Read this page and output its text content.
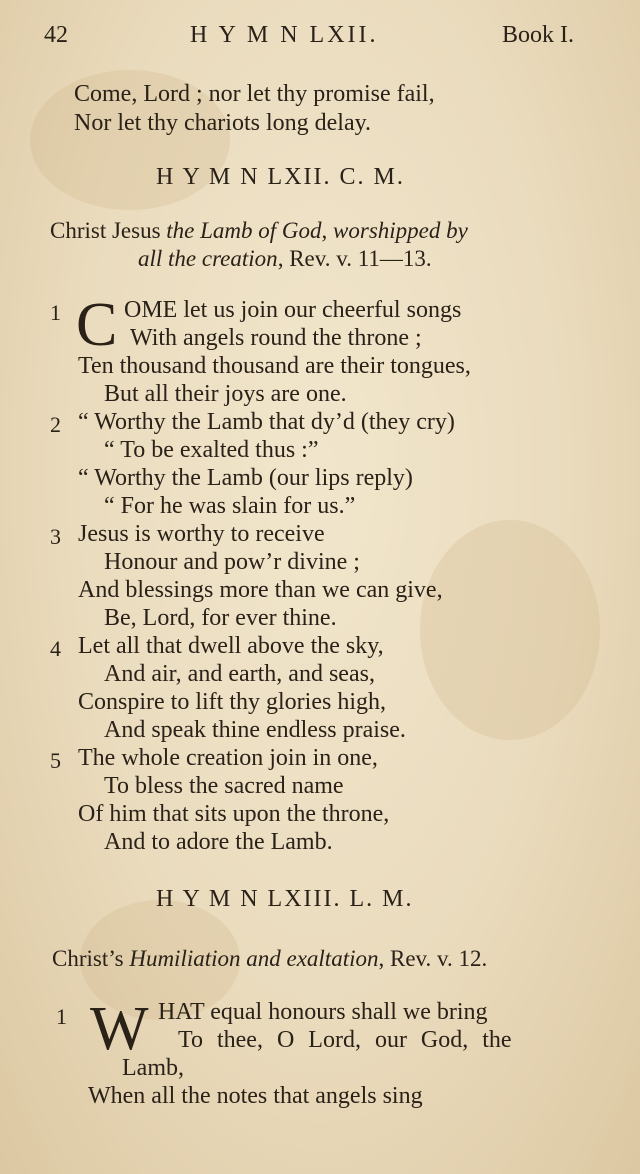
42	H Y M N LXII.	Book I.
Come, Lord ; nor let thy promise fail,
Nor let thy chariots long delay.
H Y M N LXII. C. M.
Christ Jesus the Lamb of God, worshipped by
all the creation, Rev. v. 11—13.
1 C OME let us join our cheerful songs
With angels round the throne ;
Ten thousand thousand are their tongues,
But all their joys are one.
2 “ Worthy the Lamb that dy’d (they cry)
“ To be exalted thus :”
“ Worthy the Lamb (our lips reply)
“ For he was slain for us.”
3 Jesus is worthy to receive
Honour and pow’r divine ;
And blessings more than we can give,
Be, Lord, for ever thine.
4 Let all that dwell above the sky,
And air, and earth, and seas,
Conspire to lift thy glories high,
And speak thine endless praise.
5 The whole creation join in one,
To bless the sacred name
Of him that sits upon the throne,
And to adore the Lamb.
H Y M N LXIII. L. M.
Christ’s Humiliation and exaltation, Rev. v. 12.
1 W HAT equal honours shall we bring
To thee, O Lord, our God, the
Lamb,
When all the notes that angels sing
